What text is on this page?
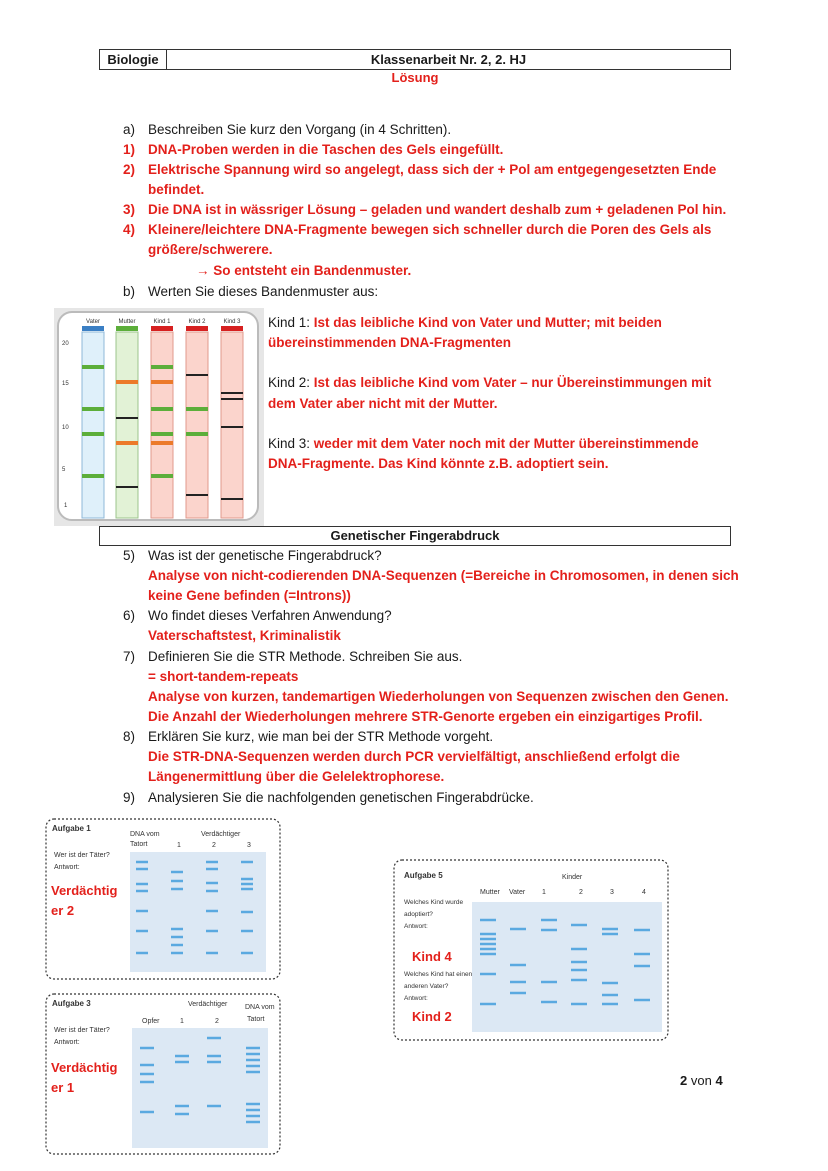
Biologie	Klassenarbeit Nr. 2, 2. HJ
Lösung
a) Beschreiben Sie kurz den Vorgang (in 4 Schritten).
1) DNA-Proben werden in die Taschen des Gels eingefüllt.
2) Elektrische Spannung wird so angelegt, dass sich der + Pol am entgegengesetzten Ende
befindet.
3) Die DNA ist in wässriger Lösung – geladen und wandert deshalb zum + geladenen Pol hin.
4) Kleinere/leichtere DNA-Fragmente bewegen sich schneller durch die Poren des Gels als
größere/schwerere.
→ So entsteht ein Bandenmuster.
b) Werten Sie dieses Bandenmuster aus:
20
15
10
5
1
Vater	Mutter	Kind 1	Kind 2	Kind 3 Kind 1: Ist das leibliche Kind von Vater und Mutter; mit beiden
übereinstimmenden DNA-Fragmenten
Kind 2: Ist das leibliche Kind vom Vater – nur Übereinstimmungen mit
dem Vater aber nicht mit der Mutter.
Kind 3: weder mit dem Vater noch mit der Mutter übereinstimmende
DNA-Fragmente. Das Kind könnte z.B. adoptiert sein.
Genetischer Fingerabdruck
5) Was ist der genetische Fingerabdruck?
Analyse von nicht-codierenden DNA-Sequenzen (=Bereiche in Chromosomen, in denen sich
keine Gene befinden (=Introns))
6) Wo findet dieses Verfahren Anwendung?
Vaterschaftstest, Kriminalistik
7) Definieren Sie die STR Methode. Schreiben Sie aus.
= short-tandem-repeats
Analyse von kurzen, tandemartigen Wiederholungen von Sequenzen zwischen den Genen.
Die Anzahl der Wiederholungen mehrere STR-Genorte ergeben ein einzigartiges Profil.
8) Erklären Sie kurz, wie man bei der STR Methode vorgeht.
Die STR-DNA-Sequenzen werden durch PCR vervielfältigt, anschließend erfolgt die
Längenermittlung über die Gelelektrophorese.
9) Analysieren Sie die nachfolgenden genetischen Fingerabdrücke.
Aufgabe 1
Wer ist der Täter?
Antwort:
DNA vom
Tatort
Verdächtiger
1	2	3
Verdächtig
er 2
Aufgabe 3
Wer ist der Täter?
Antwort:
Opfer
Verdächtiger
1	2
DNA vom
Tatort
Verdächtig
er 1
Aufgabe 5	Kinder
Mutter Vater 1	2	3	4
Welches Kind wurde
adoptiert?
Antwort:
Welches Kind hat einen
anderen Vater?
Antwort:
Kind 4
Kind 2
2 von 4
